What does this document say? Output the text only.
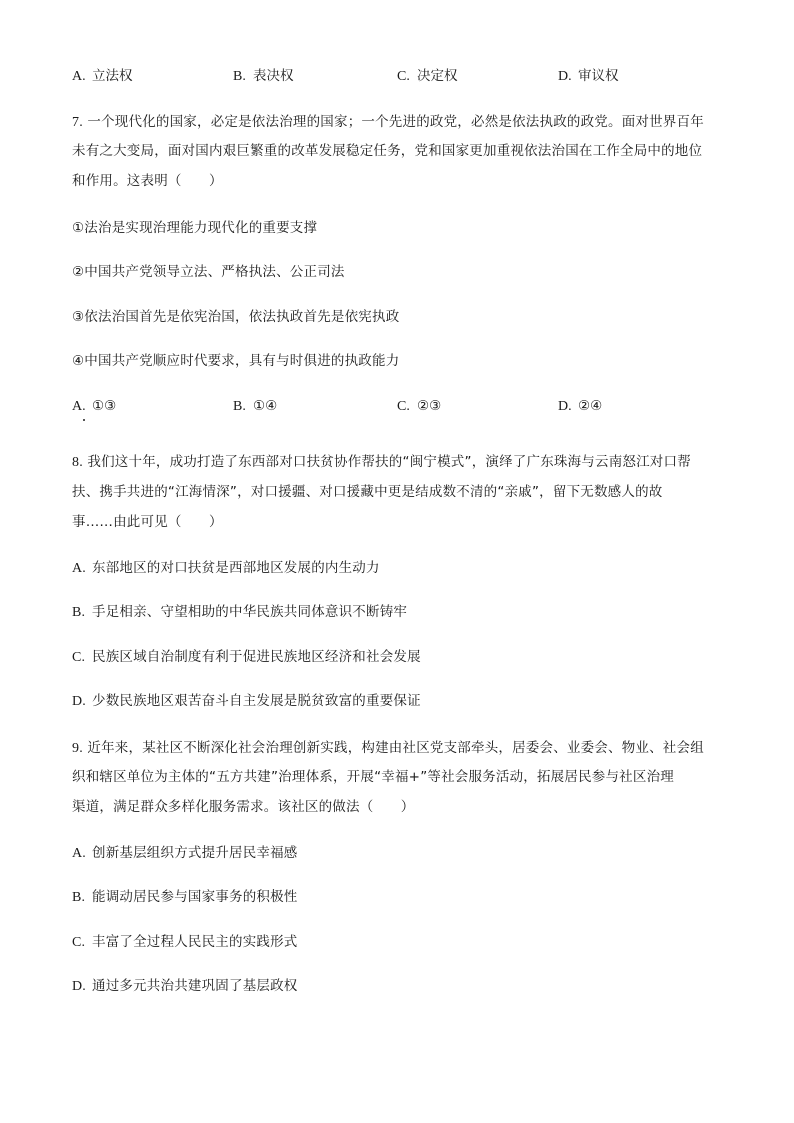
A. 立法权	B. 表决权	C. 决定权	D. 审议权
7. 一个现代化的国家，必定是依法治理的国家；一个先进的政党，必然是依法执政的政党。面对世界百年
未有之大变局，面对国内艰巨繁重的改革发展稳定任务，党和国家更加重视依法治国在工作全局中的地位
和作用。这表明（　　）
①法治是实现治理能力现代化的重要支撑
②中国共产党领导立法、严格执法、公正司法
③依法治国首先是依宪治国，依法执政首先是依宪执政
④中国共产党顺应时代要求，具有与时俱进的执政能力
A. ①③	B. ①④	C. ②③	D. ②④
8. 我们这十年，成功打造了东西部对口扶贫协作帮扶的“闽宁模式”，演绎了广东珠海与云南怒江对口帮
扶、携手共进的“江海情深”，对口援疆、对口援藏中更是结成数不清的“亲戚”，留下无数感人的故
事……由此可见（　　）
A. 东部地区的对口扶贫是西部地区发展的内生动力
B. 手足相亲、守望相助的中华民族共同体意识不断铸牢
C. 民族区域自治制度有利于促进民族地区经济和社会发展
D. 少数民族地区艰苦奋斗自主发展是脱贫致富的重要保证
9. 近年来，某社区不断深化社会治理创新实践，构建由社区党支部牵头，居委会、业委会、物业、社会组
织和辖区单位为主体的“五方共建”治理体系，开展“幸福+”等社会服务活动，拓展居民参与社区治理
渠道，满足群众多样化服务需求。该社区的做法（　　）
A. 创新基层组织方式提升居民幸福感
B. 能调动居民参与国家事务的积极性
C. 丰富了全过程人民民主的实践形式
D. 通过多元共治共建巩固了基层政权
